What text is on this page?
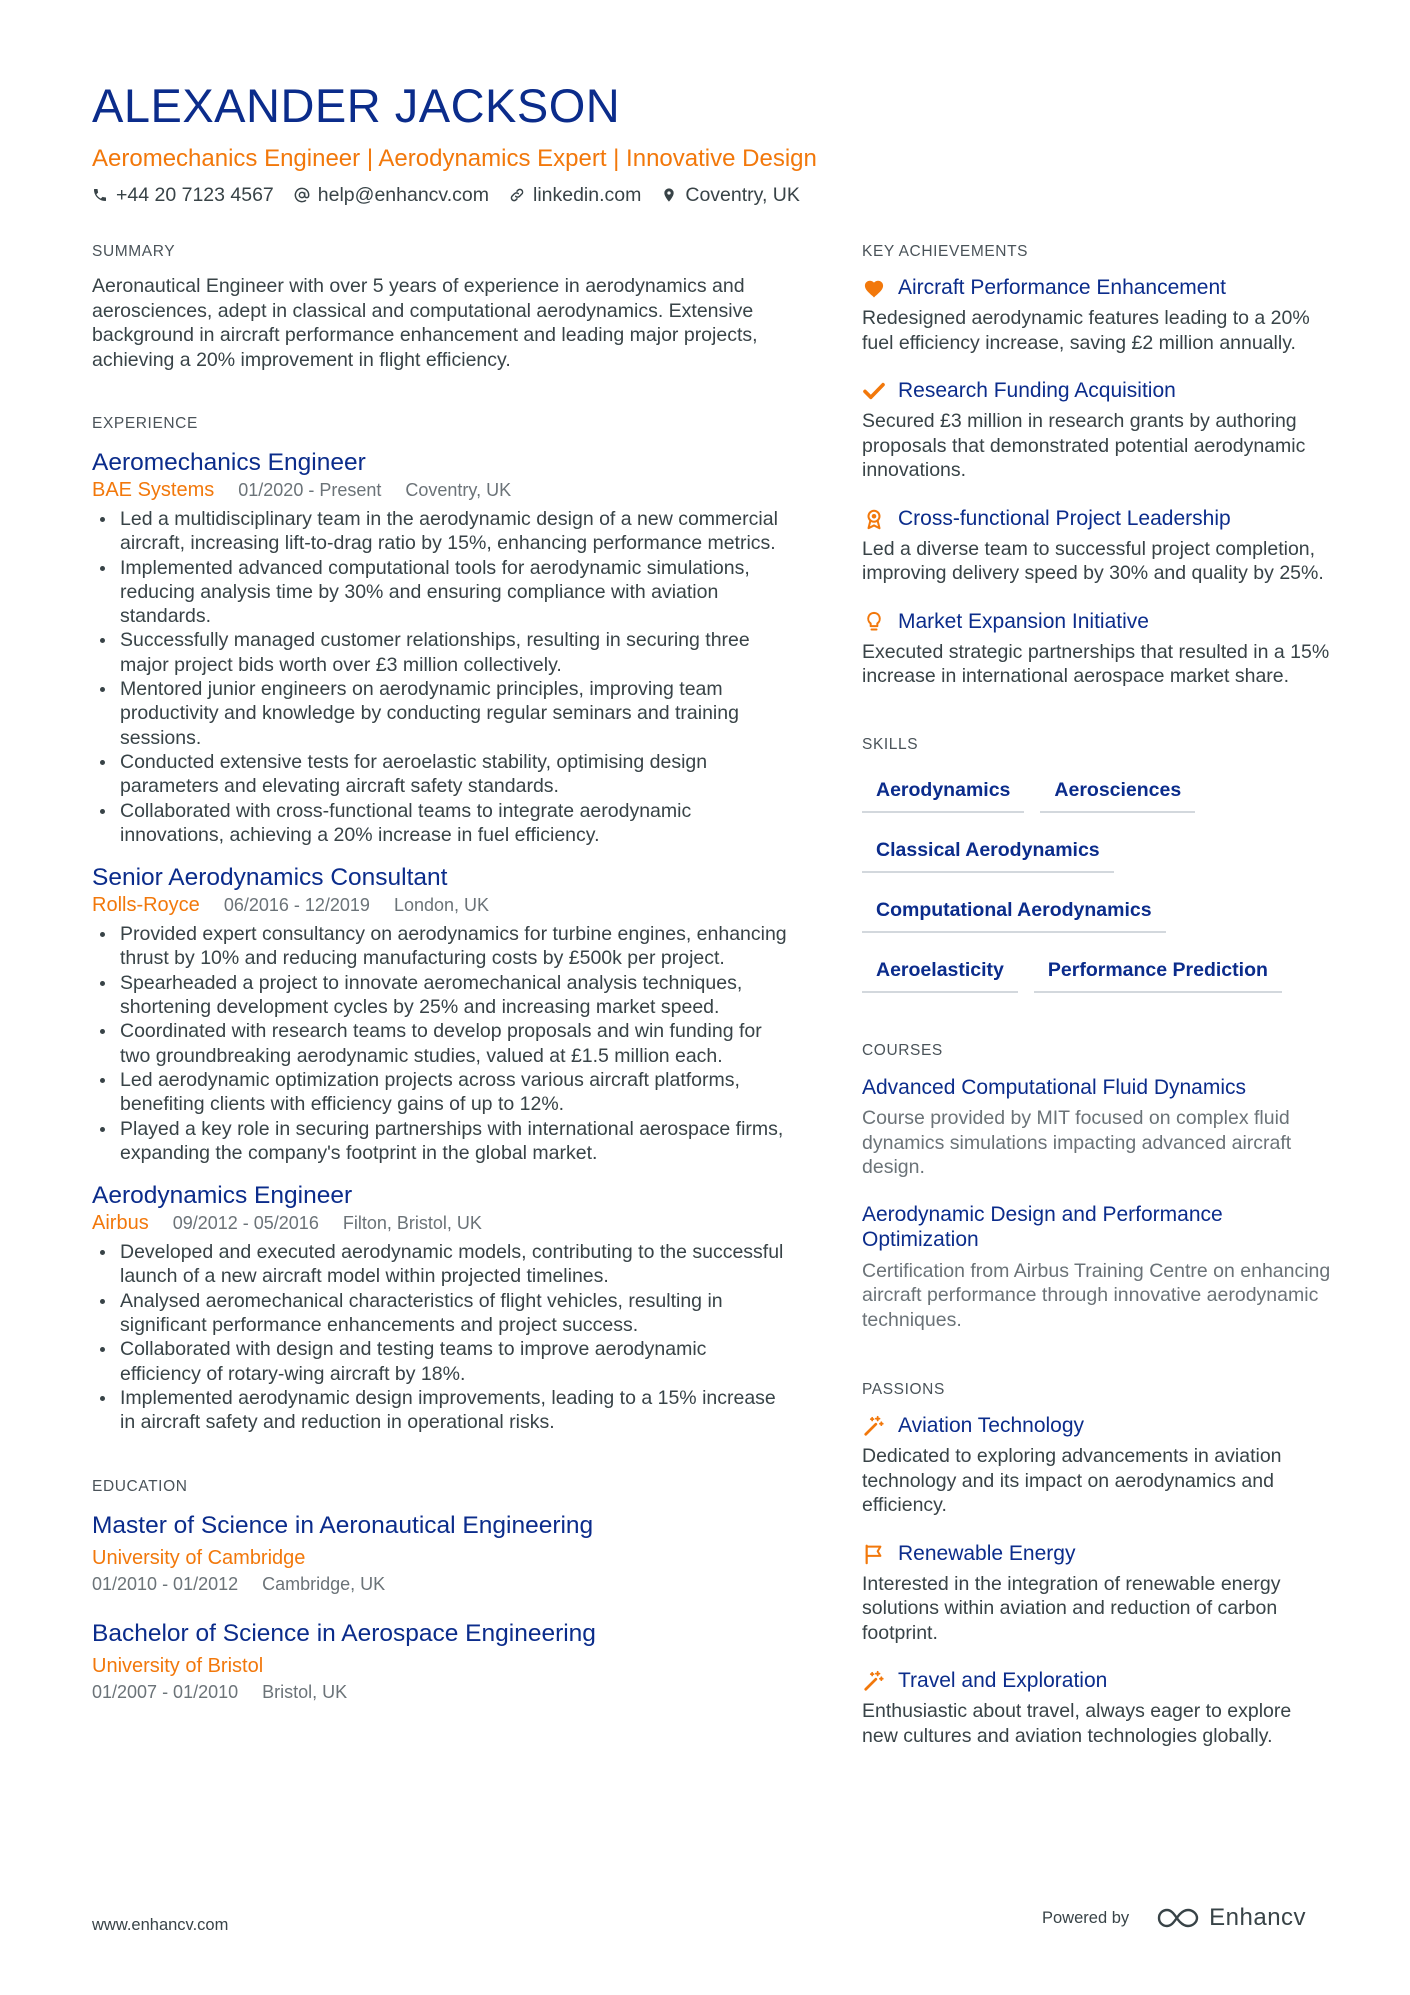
ALEXANDER JACKSON
Aeromechanics Engineer | Aerodynamics Expert | Innovative Design
+44 20 7123 4567 help@enhancv.com linkedin.com Coventry, UK
SUMMARY
Aeronautical Engineer with over 5 years of experience in aerodynamics and aerosciences, adept in classical and computational aerodynamics. Extensive background in aircraft performance enhancement and leading major projects, achieving a 20% improvement in flight efficiency.
EXPERIENCE
Aeromechanics Engineer
BAE Systems 01/2020 - Present Coventry, UK
Led a multidisciplinary team in the aerodynamic design of a new commercial aircraft, increasing lift-to-drag ratio by 15%, enhancing performance metrics.
Implemented advanced computational tools for aerodynamic simulations, reducing analysis time by 30% and ensuring compliance with aviation standards.
Successfully managed customer relationships, resulting in securing three major project bids worth over £3 million collectively.
Mentored junior engineers on aerodynamic principles, improving team productivity and knowledge by conducting regular seminars and training sessions.
Conducted extensive tests for aeroelastic stability, optimising design parameters and elevating aircraft safety standards.
Collaborated with cross-functional teams to integrate aerodynamic innovations, achieving a 20% increase in fuel efficiency.
Senior Aerodynamics Consultant
Rolls-Royce 06/2016 - 12/2019 London, UK
Provided expert consultancy on aerodynamics for turbine engines, enhancing thrust by 10% and reducing manufacturing costs by £500k per project.
Spearheaded a project to innovate aeromechanical analysis techniques, shortening development cycles by 25% and increasing market speed.
Coordinated with research teams to develop proposals and win funding for two groundbreaking aerodynamic studies, valued at £1.5 million each.
Led aerodynamic optimization projects across various aircraft platforms, benefiting clients with efficiency gains of up to 12%.
Played a key role in securing partnerships with international aerospace firms, expanding the company's footprint in the global market.
Aerodynamics Engineer
Airbus 09/2012 - 05/2016 Filton, Bristol, UK
Developed and executed aerodynamic models, contributing to the successful launch of a new aircraft model within projected timelines.
Analysed aeromechanical characteristics of flight vehicles, resulting in significant performance enhancements and project success.
Collaborated with design and testing teams to improve aerodynamic efficiency of rotary-wing aircraft by 18%.
Implemented aerodynamic design improvements, leading to a 15% increase in aircraft safety and reduction in operational risks.
EDUCATION
Master of Science in Aeronautical Engineering
University of Cambridge
01/2010 - 01/2012 Cambridge, UK
Bachelor of Science in Aerospace Engineering
University of Bristol
01/2007 - 01/2010 Bristol, UK
KEY ACHIEVEMENTS
Aircraft Performance Enhancement
Redesigned aerodynamic features leading to a 20% fuel efficiency increase, saving £2 million annually.
Research Funding Acquisition
Secured £3 million in research grants by authoring proposals that demonstrated potential aerodynamic innovations.
Cross-functional Project Leadership
Led a diverse team to successful project completion, improving delivery speed by 30% and quality by 25%.
Market Expansion Initiative
Executed strategic partnerships that resulted in a 15% increase in international aerospace market share.
SKILLS
Aerodynamics	Aerosciences
Classical Aerodynamics
Computational Aerodynamics
Aeroelasticity	Performance Prediction
COURSES
Advanced Computational Fluid Dynamics
Course provided by MIT focused on complex fluid dynamics simulations impacting advanced aircraft design.
Aerodynamic Design and Performance Optimization
Certification from Airbus Training Centre on enhancing aircraft performance through innovative aerodynamic techniques.
PASSIONS
Aviation Technology
Dedicated to exploring advancements in aviation technology and its impact on aerodynamics and efficiency.
Renewable Energy
Interested in the integration of renewable energy solutions within aviation and reduction of carbon footprint.
Travel and Exploration
Enthusiastic about travel, always eager to explore new cultures and aviation technologies globally.
www.enhancv.com	Powered by	Enhancv
